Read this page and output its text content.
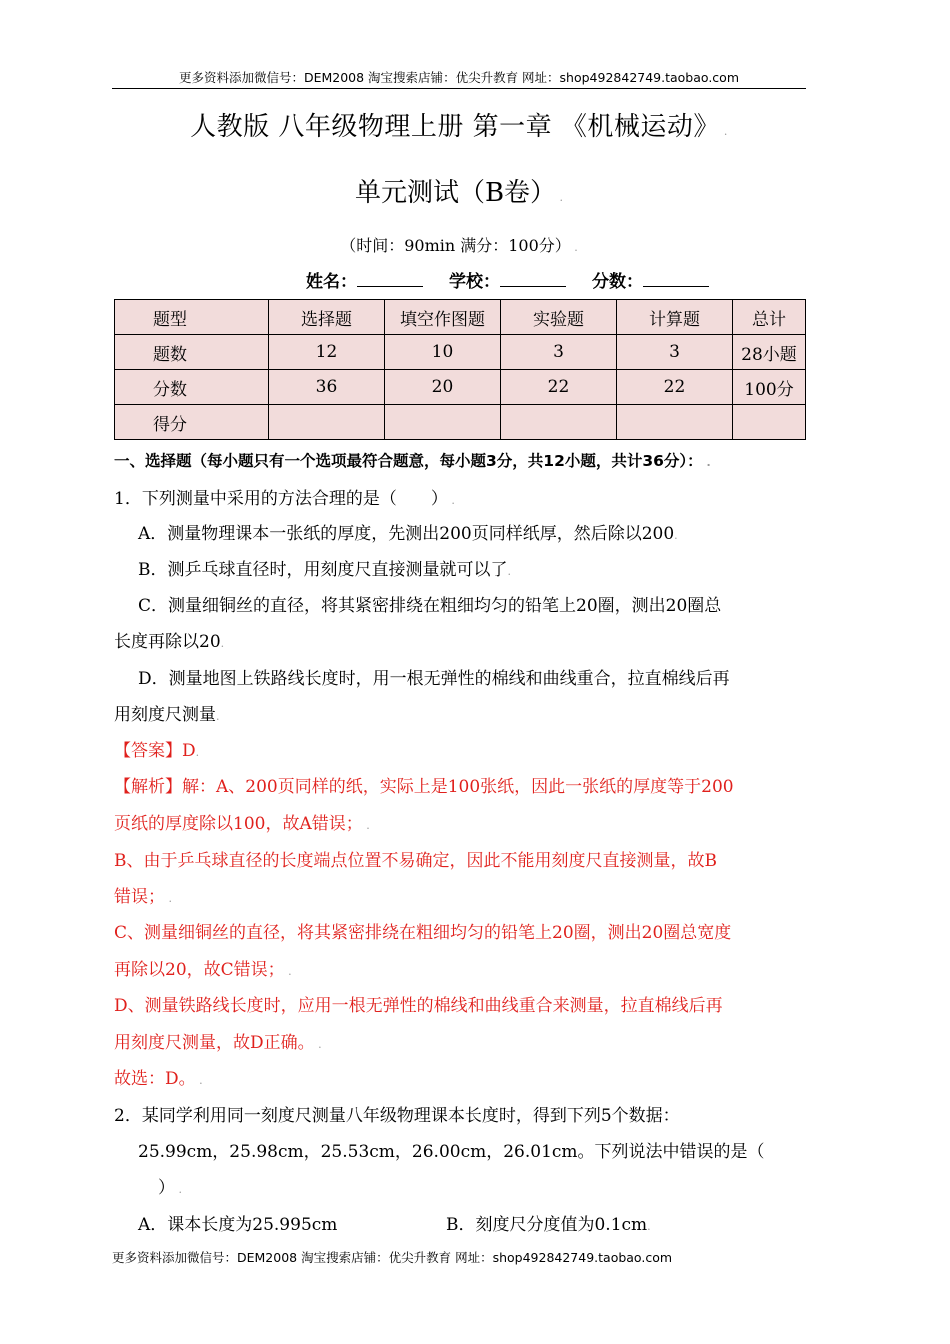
更多资料添加微信号：DEM2008 淘宝搜索店铺：优尖升教育 网址：shop492842749.taobao.com
人教版 八年级物理上册 第一章 《机械运动》 .
单元测试（B卷） .
（时间：90min 满分：100分） .
姓名：	学校：	分数：
题型	选择题	填空作图题	实验题	计算题	总计
题数	12	10	3	3	28小题
分数	36	20	22	22	100分
得分					
一、选择题（每小题只有一个选项最符合题意，每小题3分，共12小题，共计36分）： .
1．下列测量中采用的方法合理的是（　　） .
A．测量物理课本一张纸的厚度，先测出200页同样纸厚，然后除以200.
B．测乒乓球直径时，用刻度尺直接测量就可以了.
C．测量细铜丝的直径，将其紧密排绕在粗细均匀的铅笔上20圈，测出20圈总
长度再除以20.
D．测量地图上铁路线长度时，用一根无弹性的棉线和曲线重合，拉直棉线后再
用刻度尺测量.
【答案】D.
【解析】解：A、200页同样的纸，实际上是100张纸，因此一张纸的厚度等于200
页纸的厚度除以100，故A错误； .
B、由于乒乓球直径的长度端点位置不易确定，因此不能用刻度尺直接测量，故B
错误； .
C、测量细铜丝的直径，将其紧密排绕在粗细均匀的铅笔上20圈，测出20圈总宽度
再除以20，故C错误； .
D、测量铁路线长度时，应用一根无弹性的棉线和曲线重合来测量，拉直棉线后再
用刻度尺测量，故D正确。 .
故选：D。 .
2．某同学利用同一刻度尺测量八年级物理课本长度时，得到下列5个数据：
25.99cm，25.98cm，25.53cm，26.00cm，26.01cm。下列说法中错误的是（
） .
A．课本长度为25.995cm	B．刻度尺分度值为0.1cm.
更多资料添加微信号：DEM2008 淘宝搜索店铺：优尖升教育 网址：shop492842749.taobao.com
